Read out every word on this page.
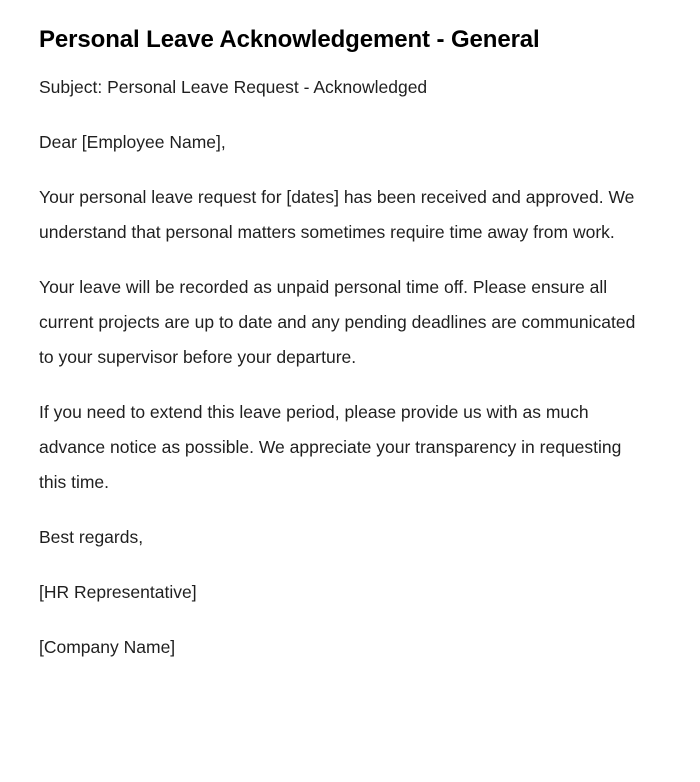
Personal Leave Acknowledgement - General

Subject: Personal Leave Request - Acknowledged

Dear [Employee Name],

Your personal leave request for [dates] has been received and approved. We understand that personal matters sometimes require time away from work.

Your leave will be recorded as unpaid personal time off. Please ensure all current projects are up to date and any pending deadlines are communicated to your supervisor before your departure.

If you need to extend this leave period, please provide us with as much advance notice as possible. We appreciate your transparency in requesting this time.

Best regards,

[HR Representative]

[Company Name]
